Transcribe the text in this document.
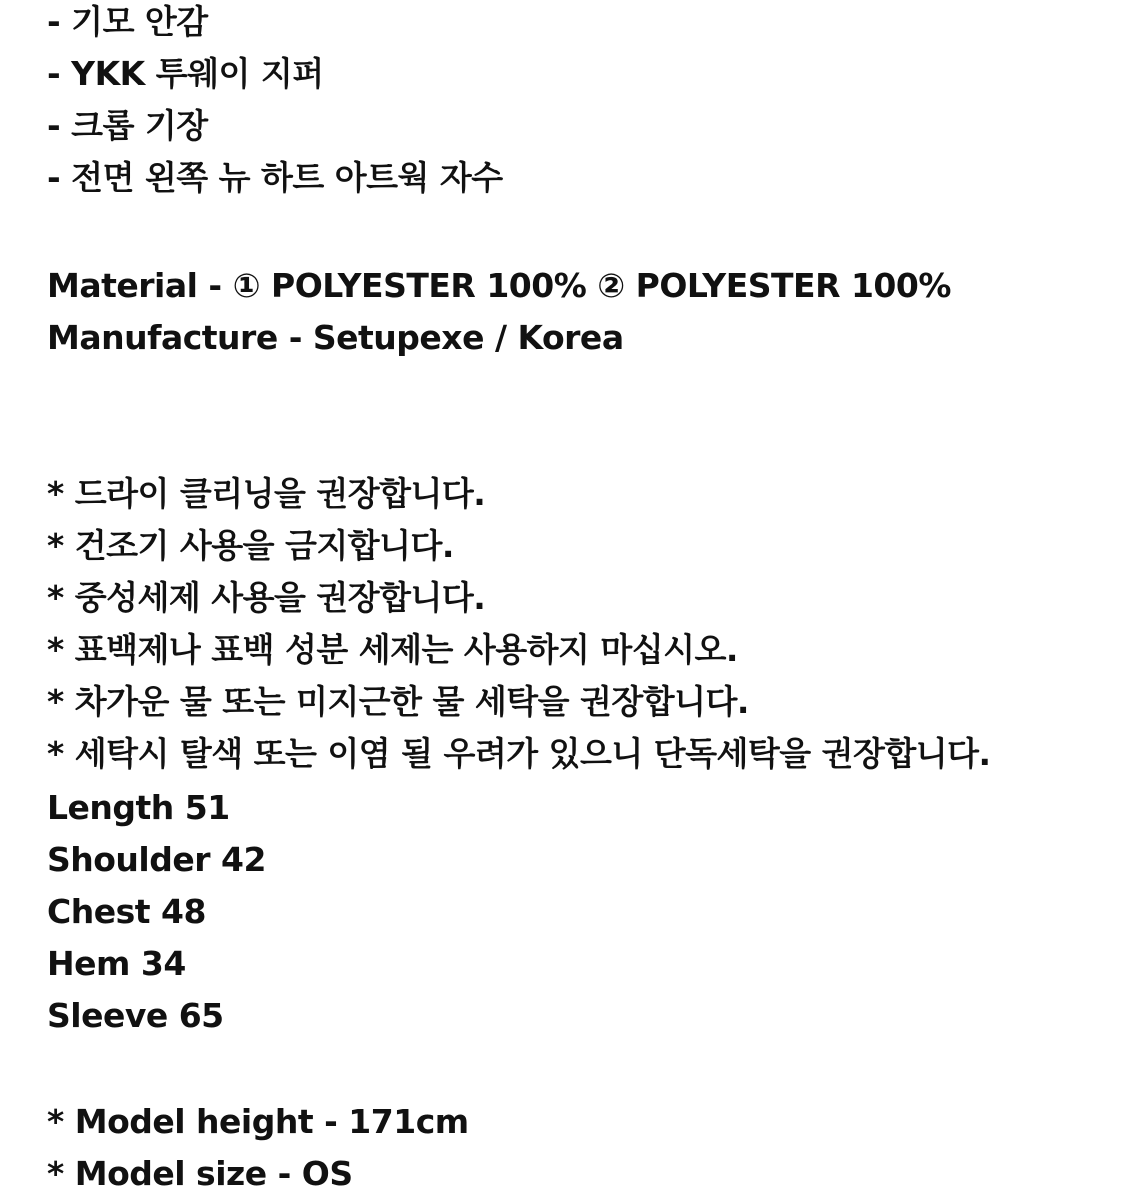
- 기모 안감
- YKK 투웨이 지퍼
- 크롭 기장
- 전면 왼쪽 뉴 하트 아트웍 자수
Material - ① POLYESTER 100% ② POLYESTER 100%
Manufacture - Setupexe / Korea
* 드라이 클리닝을 권장합니다.
* 건조기 사용을 금지합니다.
* 중성세제 사용을 권장합니다.
* 표백제나 표백 성분 세제는 사용하지 마십시오.
* 차가운 물 또는 미지근한 물 세탁을 권장합니다.
* 세탁시 탈색 또는 이염 될 우려가 있으니 단독세탁을 권장합니다.
Length 51
Shoulder 42
Chest 48
Hem 34
Sleeve 65
* Model height - 171cm
* Model size - OS
